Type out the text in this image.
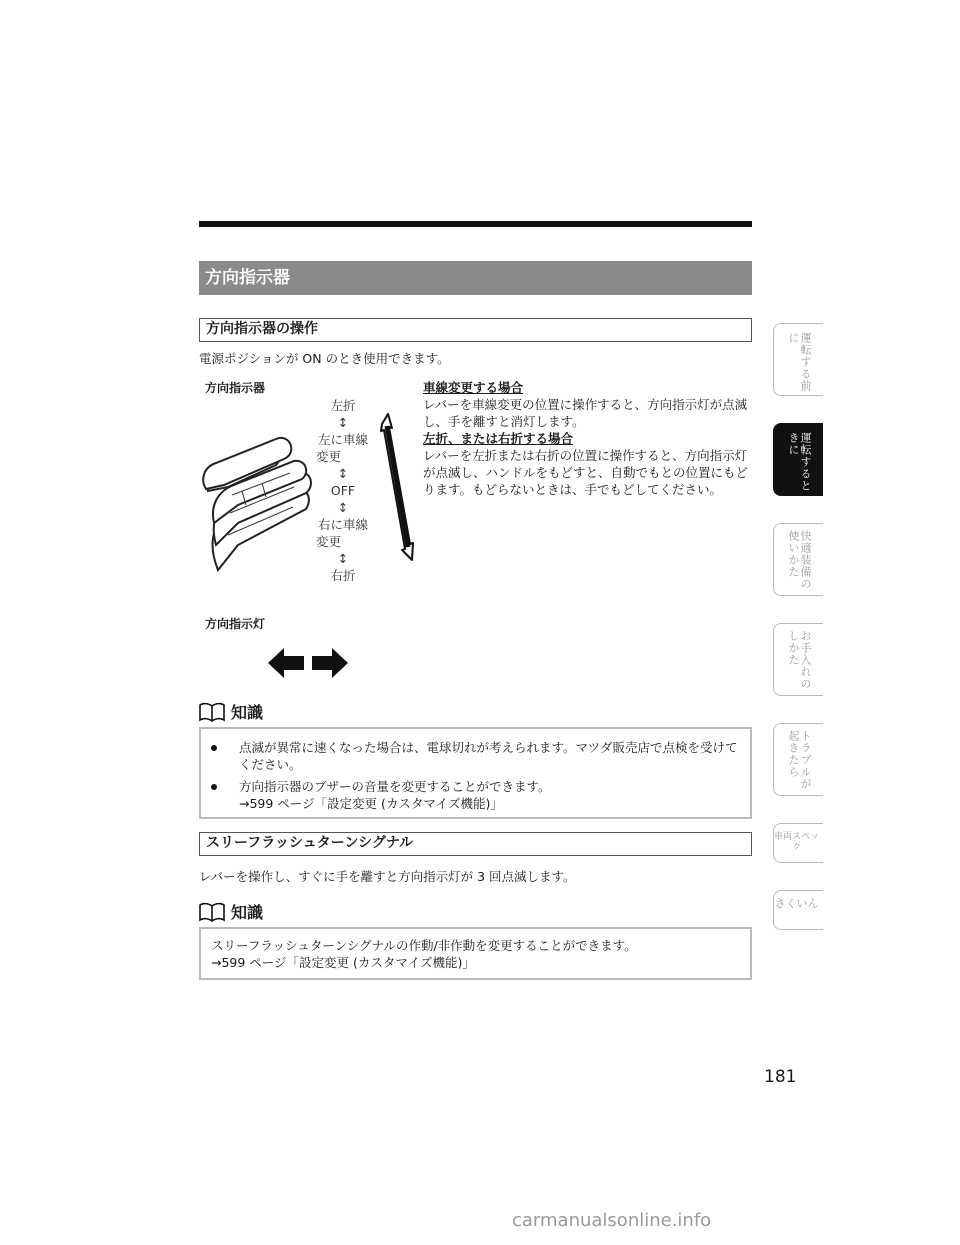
方向指示器
方向指示器の操作
電源ポジションが ON のとき使用できます。
方向指示器
左折
↕
左に車線
変更
↕
OFF
↕
右に車線
変更
↕
右折

車線変更する場合

レバーを車線変更の位置に操作すると、方向指示灯が点滅し、手を離すと消灯します。

左折、または右折する場合

レバーを左折または右折の位置に操作すると、方向指示灯が点滅し、ハンドルをもどすと、自動でもとの位置にもどります。もどらないときは、手でもどしてください。

方向指示灯
知識
点滅が異常に速くなった場合は、電球切れが考えられます。マツダ販売店で点検を受けてください。
方向指示器のブザーの音量を変更することができます。
→599 ページ「設定変更 (カスタマイズ機能)」
スリーフラッシュターンシグナル
レバーを操作し、すぐに手を離すと方向指示灯が 3 回点滅します。
知識

スリーフラッシュターンシグナルの作動/非作動を変更することができます。

→599 ページ「設定変更 (カスタマイズ機能)」

運転する前に
運転するときに
快適装備の使いかた
お手入れのしかた
トラブルが起きたら
車両スペック
さくいん
181
carmanualsonline.info
